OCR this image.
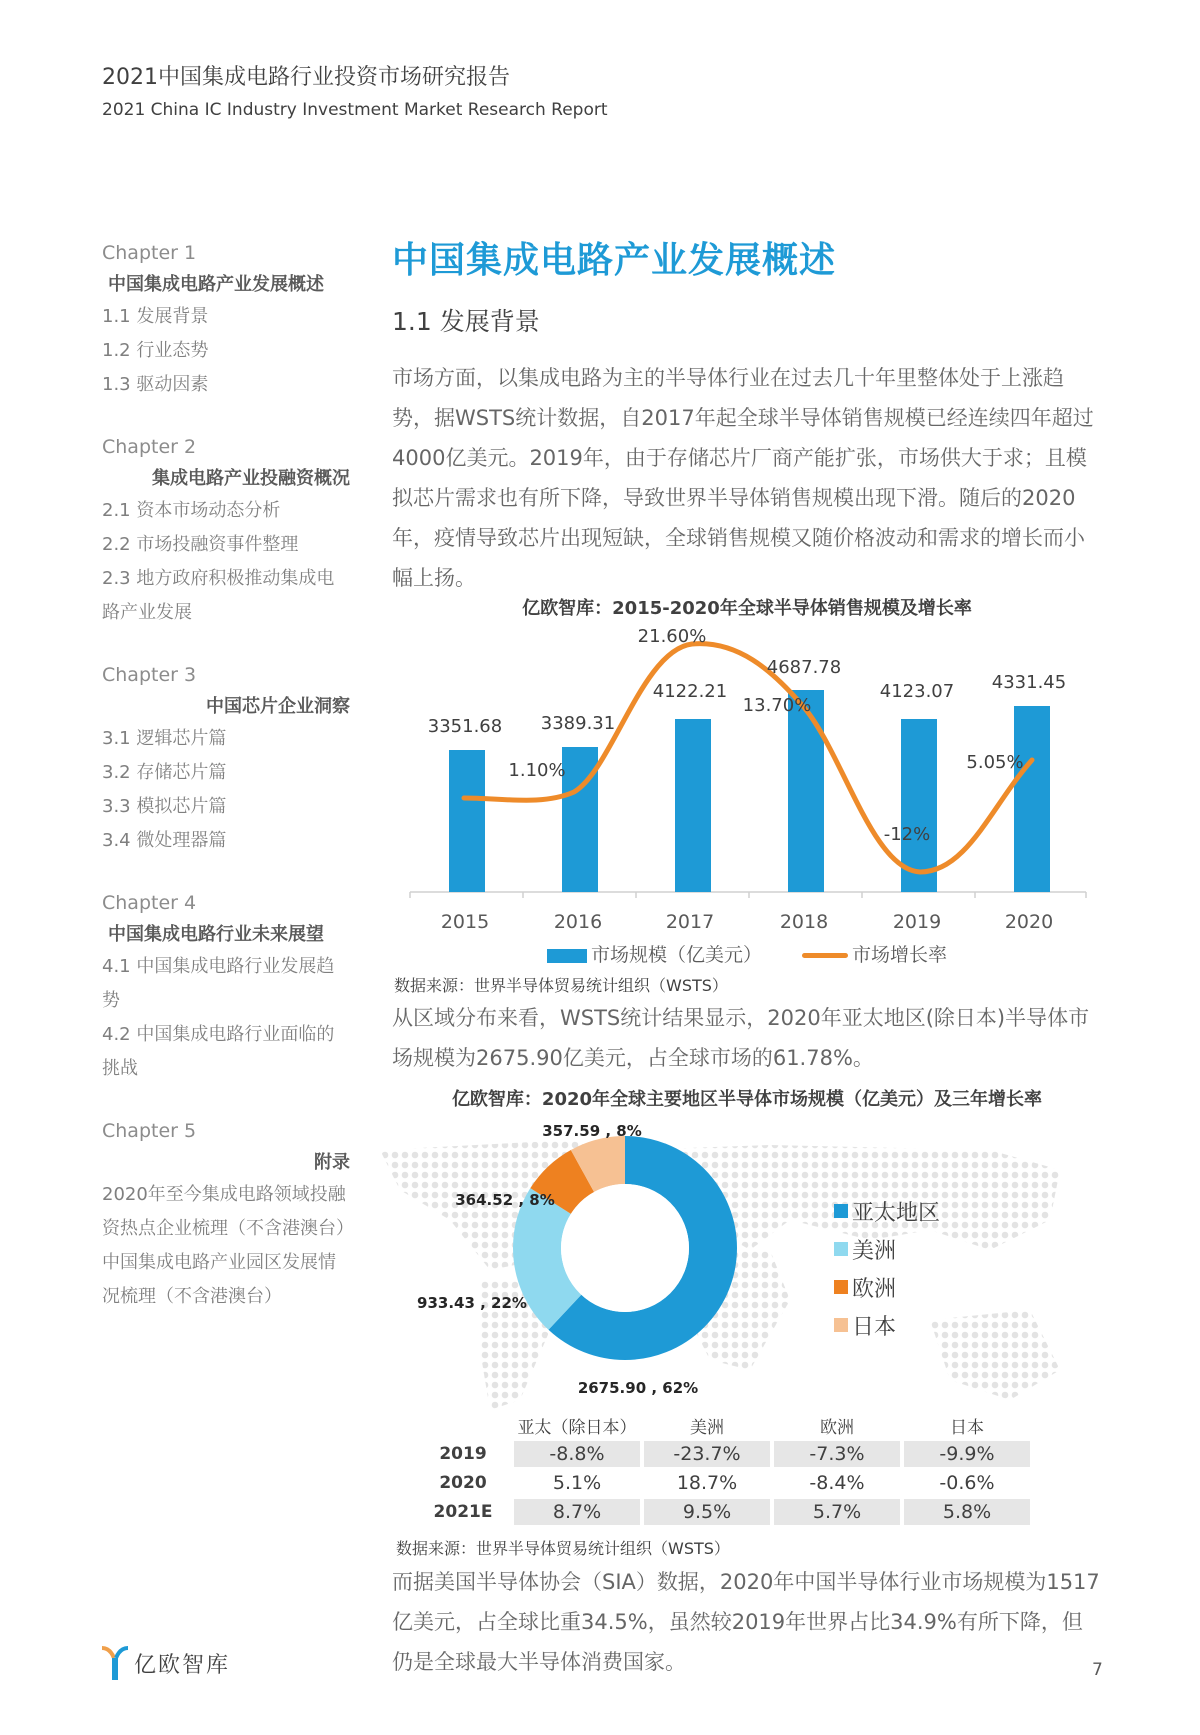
2021中国集成电路行业投资市场研究报告
2021 China IC Industry Investment Market Research Report
Chapter 1
中国集成电路产业发展概述
1.1 发展背景
1.2 行业态势
1.3 驱动因素
Chapter 2
集成电路产业投融资概况
2.1 资本市场动态分析
2.2 市场投融资事件整理
2.3 地方政府积极推动集成电路产业发展
Chapter 3
中国芯片企业洞察
3.1 逻辑芯片篇
3.2 存储芯片篇
3.3 模拟芯片篇
3.4 微处理器篇
Chapter 4
中国集成电路行业未来展望
4.1 中国集成电路行业发展趋势
4.2 中国集成电路行业面临的挑战
Chapter 5
附录
2020年至今集成电路领域投融资热点企业梳理（不含港澳台）
中国集成电路产业园区发展情况梳理（不含港澳台）
中国集成电路产业发展概述
1.1 发展背景
市场方面，以集成电路为主的半导体行业在过去几十年里整体处于上涨趋势，据WSTS统计数据，自2017年起全球半导体销售规模已经连续四年超过4000亿美元。2019年，由于存储芯片厂商产能扩张，市场供大于求；且模拟芯片需求也有所下降，导致世界半导体销售规模出现下滑。随后的2020年，疫情导致芯片出现短缺，全球销售规模又随价格波动和需求的增长而小幅上扬。
亿欧智库：2015-2020年全球半导体销售规模及增长率
3351.68 3389.31
4122.21
4687.78
4123.07 4331.45
1.10%
21.60%
13.70%
-12%
5.05%
2015	2016	2017	2018	2019	2020
市场规模（亿美元）	市场增长率
数据来源：世界半导体贸易统计组织（WSTS）
从区域分布来看，WSTS统计结果显示，2020年亚太地区(除日本)半导体市场规模为2675.90亿美元，占全球市场的61.78%。
亿欧智库：2020年全球主要地区半导体市场规模（亿美元）及三年增长率
357.59 , 8%
364.52 , 8%
933.43 , 22%
2675.90 , 62%
亚太地区
美洲
欧洲
日本
	亚太（除日本）	美洲	欧洲	日本
2019	-8.8%	-23.7%	-7.3%	-9.9%
2020	5.1%	18.7%	-8.4%	-0.6%
2021E	8.7%	9.5%	5.7%	5.8%
数据来源：世界半导体贸易统计组织（WSTS）
而据美国半导体协会（SIA）数据，2020年中国半导体行业市场规模为1517亿美元，占全球比重34.5%，虽然较2019年世界占比34.9%有所下降，但仍是全球最大半导体消费国家。
亿欧智库	7
